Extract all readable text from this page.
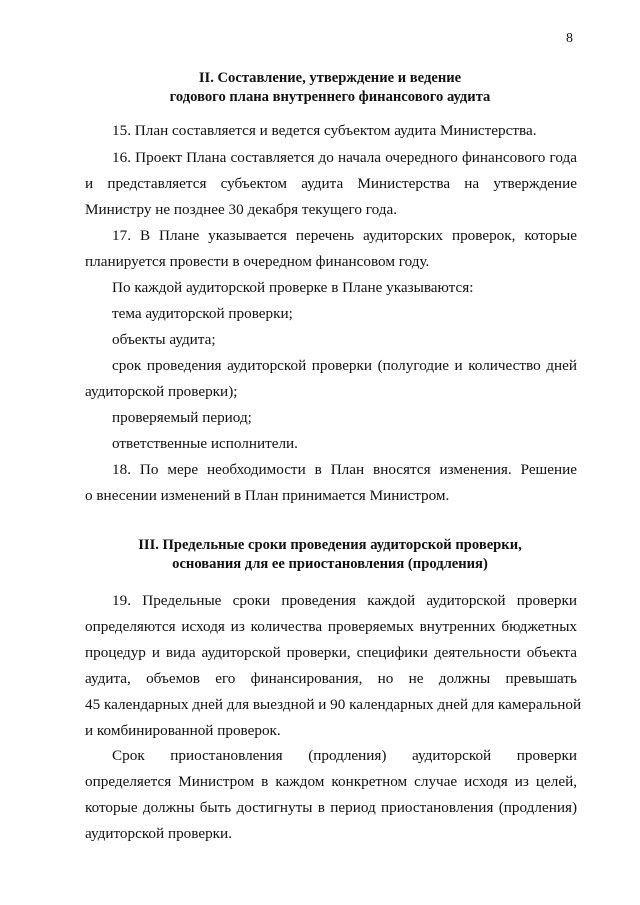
8
II. Составление, утверждение и ведение
годового плана внутреннего финансового аудита
15. План составляется и ведется субъектом аудита Министерства.
16. Проект Плана составляется до начала очередного финансового года
и представляется субъектом аудита Министерства на утверждение
Министру не позднее 30 декабря текущего года.
17. В Плане указывается перечень аудиторских проверок, которые
планируется провести в очередном финансовом году.
По каждой аудиторской проверке в Плане указываются:
тема аудиторской проверки;
объекты аудита;
срок проведения аудиторской проверки (полугодие и количество дней
аудиторской проверки);
проверяемый период;
ответственные исполнители.
18. По мере необходимости в План вносятся изменения. Решение
о внесении изменений в План принимается Министром.
III. Предельные сроки проведения аудиторской проверки,
основания для ее приостановления (продления)
19. Предельные сроки проведения каждой аудиторской проверки
определяются исходя из количества проверяемых внутренних бюджетных
процедур и вида аудиторской проверки, специфики деятельности объекта
аудита, объемов его финансирования, но не должны превышать
45 календарных дней для выездной и 90 календарных дней для камеральной
и комбинированной проверок.
Срок приостановления (продления) аудиторской проверки
определяется Министром в каждом конкретном случае исходя из целей,
которые должны быть достигнуты в период приостановления (продления)
аудиторской проверки.
